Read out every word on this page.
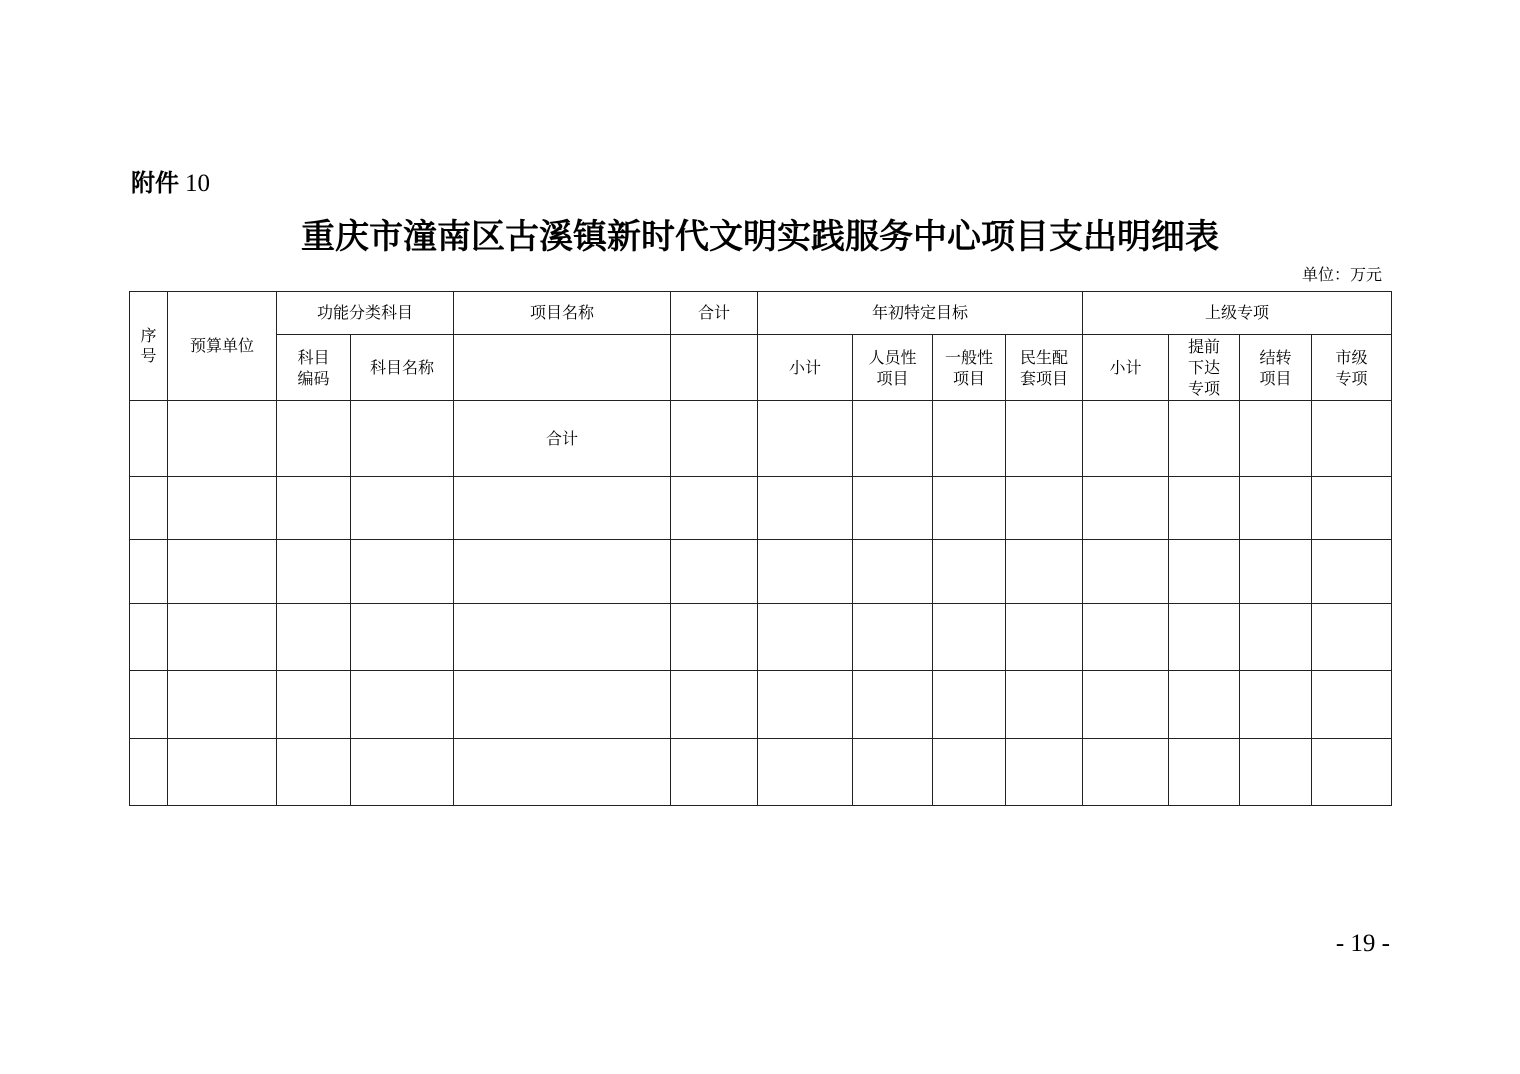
附件 10
重庆市潼南区古溪镇新时代文明实践服务中心项目支出明细表
单位：万元
序号	预算单位	功能分类科目		项目名称	合计	年初特定目标				上级专项			
		科目编码	科目名称			小计	人员性项目	一般性项目	民生配套项目	小计	提前下达专项	结转项目	市级专项
				合计									

- 19 -
